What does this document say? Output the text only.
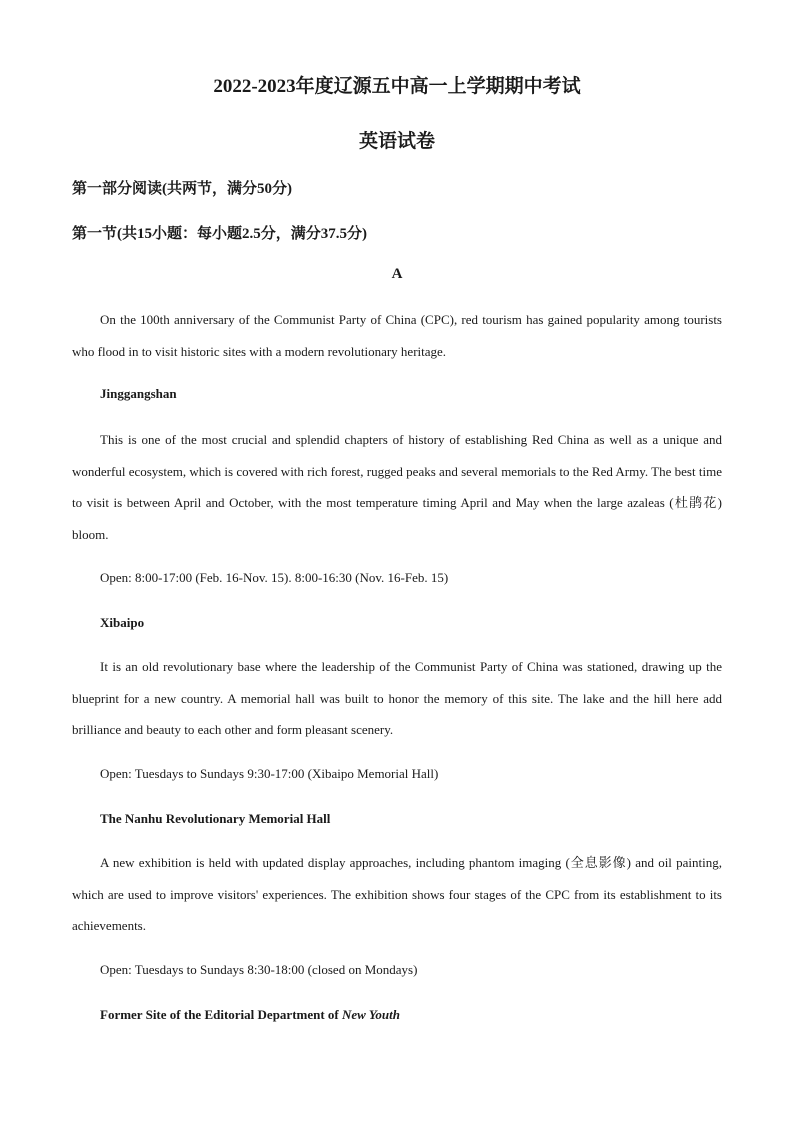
2022-2023年度辽源五中高一上学期期中考试
英语试卷
第一部分阅读(共两节，满分50分)
第一节(共15小题：每小题2.5分，满分37.5分)
A

On the 100th anniversary of the Communist Party of China (CPC), red tourism has gained popularity among tourists who flood in to visit historic sites with a modern revolutionary heritage.

Jinggangshan

This is one of the most crucial and splendid chapters of history of establishing Red China as well as a unique and wonderful ecosystem, which is covered with rich forest, rugged peaks and several memorials to the Red Army. The best time to visit is between April and October, with the most temperature timing April and May when the large azaleas (杜鹃花) bloom.

Open: 8:00-17:00 (Feb. 16-Nov. 15). 8:00-16:30 (Nov. 16-Feb. 15)
Xibaipo

It is an old revolutionary base where the leadership of the Communist Party of China was stationed, drawing up the blueprint for a new country. A memorial hall was built to honor the memory of this site. The lake and the hill here add brilliance and beauty to each other and form pleasant scenery.

Open: Tuesdays to Sundays 9:30-17:00 (Xibaipo Memorial Hall)
The Nanhu Revolutionary Memorial Hall

A new exhibition is held with updated display approaches, including phantom imaging (全息影像) and oil painting, which are used to improve visitors' experiences. The exhibition shows four stages of the CPC from its establishment to its achievements.

Open: Tuesdays to Sundays 8:30-18:00 (closed on Mondays)
Former Site of the Editorial Department of New Youth
